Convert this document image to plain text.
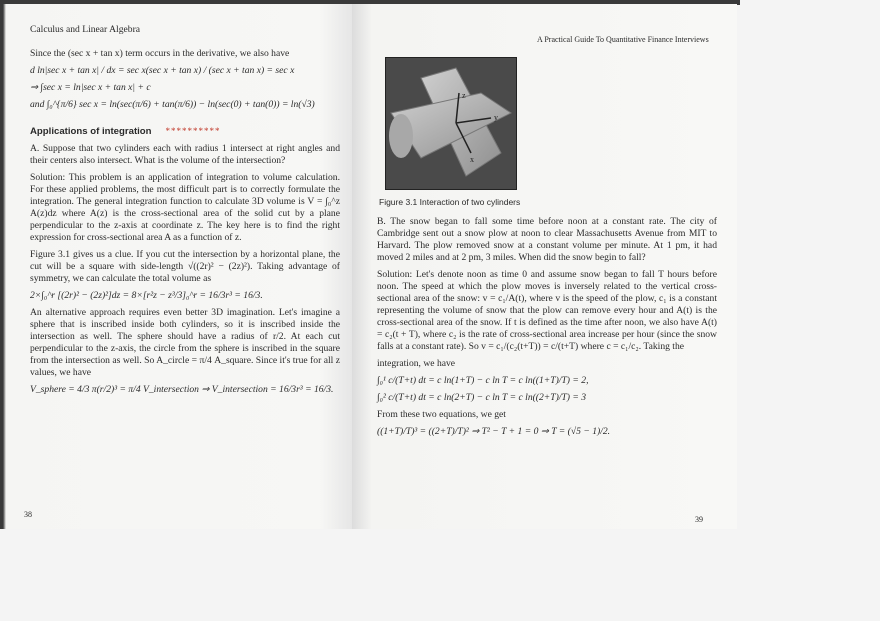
Calculus and Linear Algebra

Since the (sec x + tan x) term occurs in the derivative, we also have

d ln|sec x + tan x| / dx = sec x(sec x + tan x) / (sec x + tan x) = sec x

⇒ ∫sec x = ln|sec x + tan x| + c

and ∫₀^{π/6} sec x = ln(sec(π/6) + tan(π/6)) − ln(sec(0) + tan(0)) = ln(√3)

Applications of integration **********

A. Suppose that two cylinders each with radius 1 intersect at right angles and their centers also intersect. What is the volume of the intersection?

Solution: This problem is an application of integration to volume calculation. For these applied problems, the most difficult part is to correctly formulate the integration. The general integration function to calculate 3D volume is V = ∫₀^z A(z)dz where A(z) is the cross-sectional area of the solid cut by a plane perpendicular to the z-axis at coordinate z. The key here is to find the right expression for cross-sectional area A as a function of z.

Figure 3.1 gives us a clue. If you cut the intersection by a horizontal plane, the cut will be a square with side-length √((2r)² − (2z)²). Taking advantage of symmetry, we can calculate the total volume as

2×∫₀^r [(2r)² − (2z)²]dz = 8×[r²z − z³/3]₀^r = 16/3r³ = 16/3.

An alternative approach requires even better 3D imagination. Let's imagine a sphere that is inscribed inside both cylinders, so it is inscribed inside the intersection as well. The sphere should have a radius of r/2. At each cut perpendicular to the z-axis, the circle from the sphere is inscribed in the square from the intersection as well. So A_circle = π/4 A_square. Since it's true for all z values, we have

V_sphere = 4/3 π(r/2)³ = π/4 V_intersection ⇒ V_intersection = 16/3r³ = 16/3.

38

A Practical Guide To Quantitative Finance Interviews

z
y
x

Figure 3.1 Interaction of two cylinders

B. The snow began to fall some time before noon at a constant rate. The city of Cambridge sent out a snow plow at noon to clear Massachusetts Avenue from MIT to Harvard. The plow removed snow at a constant volume per minute. At 1 pm, it had moved 2 miles and at 2 pm, 3 miles. When did the snow begin to fall?

Solution: Let's denote noon as time 0 and assume snow began to fall T hours before noon. The speed at which the plow moves is inversely related to the vertical cross-sectional area of the snow: v = c₁/A(t), where v is the speed of the plow, c₁ is a constant representing the volume of snow that the plow can remove every hour and A(t) is the cross-sectional area of the snow. If t is defined as the time after noon, we also have A(t) = c₂(t + T), where c₂ is the rate of cross-sectional area increase per hour (since the snow falls at a constant rate). So v = c₁/(c₂(t+T)) = c/(t+T) where c = c₁/c₂. Taking the

integration, we have

∫₀¹ c/(T+t) dt = c ln(1+T) − c ln T = c ln((1+T)/T) = 2,

∫₀² c/(T+t) dt = c ln(2+T) − c ln T = c ln((2+T)/T) = 3

From these two equations, we get

((1+T)/T)³ = ((2+T)/T)² ⇒ T² − T + 1 = 0 ⇒ T = (√5 − 1)/2.

39
